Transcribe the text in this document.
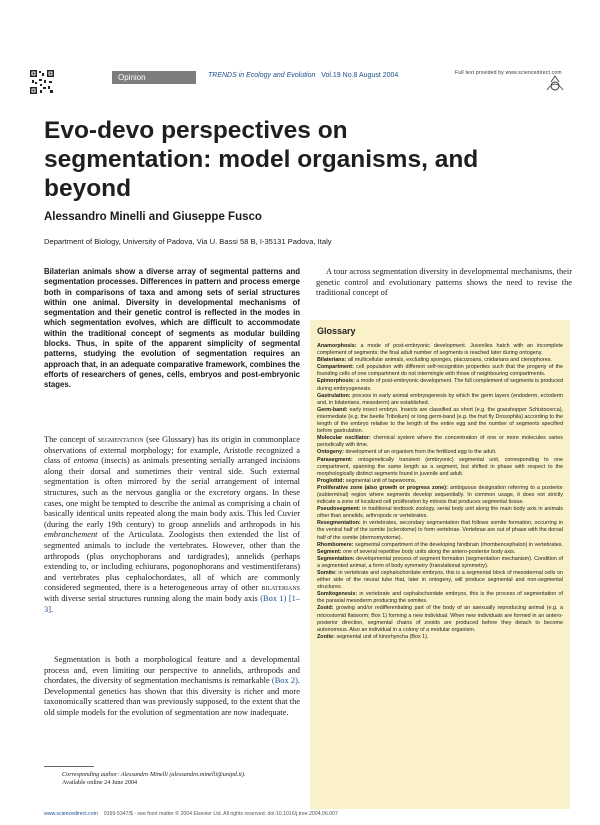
Opinion	TRENDS in Ecology and Evolution Vol.19 No.8 August 2004	Full text provided by www.sciencedirect.com
Evo-devo perspectives on segmentation: model organisms, and beyond
Alessandro Minelli and Giuseppe Fusco
Department of Biology, University of Padova, Via U. Bassi 58 B, I-35131 Padova, Italy

Bilaterian animals show a diverse array of segmental patterns and segmentation processes. Differences in pattern and process emerge both in comparisons of taxa and among sets of serial structures within one animal. Diversity in developmental mechanisms of segmentation and their genetic control is reflected in the modes in which segmentation evolves, which are difficult to accommodate within the traditional concept of segments as modular building blocks. Thus, in spite of the apparent simplicity of segmental patterns, studying the evolution of segmentation requires an approach that, in an adequate comparative framework, combines the efforts of researchers of genes, cells, embryos and post-embryonic stages.

The concept of segmentation (see Glossary) has its origin in commonplace observations of external morphology; for example, Aristotle recognized a class of entoma (insects) as animals presenting serially arranged incisions along their dorsal and sometimes their ventral side. Such external segmentation is often mirrored by the serial arrangement of internal structures, such as the nervous ganglia or the excretory organs. In these cases, one might be tempted to describe the animal as comprising a chain of basically identical units repeated along the main body axis. This led Cuvier (during the early 19th century) to group annelids and arthropods in his embranchement of the Articulata. Zoologists then extended the list of segmented animals to include the vertebrates. However, other than the arthropods (plus onychophorans and tardigrades), annelids (perhaps extending to, or including echiurans, pogonophorans and vestimentiferans) and vertebrates plus cephalochordates, all of which are commonly considered segmented, there is a heterogeneous array of other bilaterians with diverse serial structures running along the main body axis (Box 1) [1–3].

Segmentation is both a morphological feature and a developmental process and, even limiting our perspective to annelids, arthropods and chordates, the diversity of segmentation mechanisms is remarkable (Box 2). Developmental genetics has shown that this diversity is richer and more taxonomically scattered than was previously supposed, to the extent that the old simple models for the evolution of segmentation are now inadequate.

Corresponding author: Alessandro Minelli (alessandro.minelli@unipd.it).
Available online 24 June 2004

A tour across segmentation diversity in developmental mechanisms, their genetic control and evolutionary patterns shows the need to revise the traditional concept of

Glossary
Anamorphosis: a mode of post-embryonic development. Juveniles hatch with an incomplete complement of segments; the final adult number of segments is reached later during ontogeny.
Bilaterians: all multicellular animals, excluding sponges, placozoans, cnidarians and ctenophores.
Compartment: cell population with different self-recognition properties such that the progeny of the founding cells of one compartment do not intermingle with those of neighbouring compartments.
Epimorphosis: a mode of post-embryonic development. The full complement of segments is produced during embryogenesis.
Gastrulation: process in early animal embryogenesis by which the germ layers (endoderm, ectoderm and, in bilaterians, mesoderm) are established.
Germ-band: early insect embryo. Insects are classified as short (e.g. the grasshopper Schistocerca), intermediate (e.g. the beetle Tribolium) or long germ-band (e.g. the fruit fly Drosophila) according to the length of the embryo relative to the length of the entire egg and the number of segments specified before gastrulation.
Molecular oscillator: chemical system where the concentration of one or more molecules varies periodically with time.
Ontogeny: development of an organism from the fertilized egg to the adult.
Parasegment: ontogenetically transient (embryonic) segmental unit, corresponding to one compartment, spanning the same length as a segment, but shifted in phase with respect to the morphologically distinct segments found in juvenile and adult.
Proglottid: segmental unit of tapeworms.
Proliferative zone (also growth or progress zone): ambiguous designation referring to a posterior (subterminal) region where segments develop sequentially. In common usage, it does not strictly indicate a zone of localized cell proliferation by mitosis that produces segmental tissue.
Pseudosegment: in traditional textbook zoology, serial body unit along the main body axis in animals other than annelids, arthropods or vertebrates.
Resegmentation: in vertebrates, secondary segmentation that follows somite formation, occurring in the ventral half of the somite (sclerotome) to form vertebrae. Vertebrae are out of phase with the dorsal half of the somite (dermomyotome).
Rhombomere: segmental compartment of the developing hindbrain (rhombencephalon) in vertebrates.
Segment: one of several repetitive body units along the antero-posterior body axis.
Segmentation: developmental process of segment formation (segmentation mechanism). Condition of a segmented animal, a form of body symmetry (translational symmetry).
Somite: in vertebrate and cephalochordate embryos, this is a segmental block of mesodermal cells on either side of the neural tube that, later in ontogeny, will produce segmental and non-segmental structures.
Somitogenesis: in vertebrate and cephalochordate embryos, this is the process of segmentation of the paraxial mesoderm producing the somites.
Zooid: growing and/or redifferentiating part of the body of an asexually reproducing animal (e.g. a microstomid flatworm; Box 1) forming a new individual. When new individuals are formed in an antero-posterior direction, segmental chains of zooids are produced before they detach to become autonomous. Also an individual in a colony of a modular organism.
Zonite: segmental unit of kinorhyncha (Box 1).
www.sciencedirect.com 0169-5347/$ - see front matter © 2004 Elsevier Ltd. All rights reserved. doi:10.1016/j.tree.2004.06.007
